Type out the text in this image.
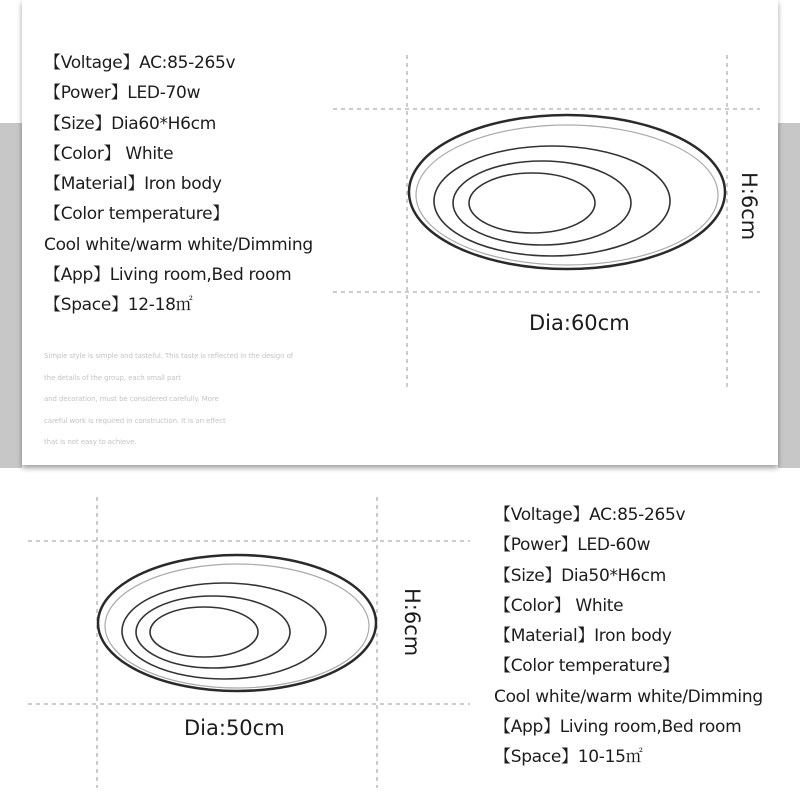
【Voltage】AC:85-265v
【Power】LED-70w
【Size】Dia60*H6cm
【Color】 White
【Material】Iron body
【Color temperature】
Cool white/warm white/Dimming
【App】Living room,Bed room
【Space】12-18㎡
Simple style is simple and tasteful. This taste is reflected in the design of
the details of the group, each small part
and decoration, must be considered carefully. More
careful work is required in construction. It is an effect
that is not easy to achieve.
Dia:60cm
H:6cm
Dia:50cm
H:6cm
【Voltage】AC:85-265v
【Power】LED-60w
【Size】Dia50*H6cm
【Color】 White
【Material】Iron body
【Color temperature】
Cool white/warm white/Dimming
【App】Living room,Bed room
【Space】10-15㎡
